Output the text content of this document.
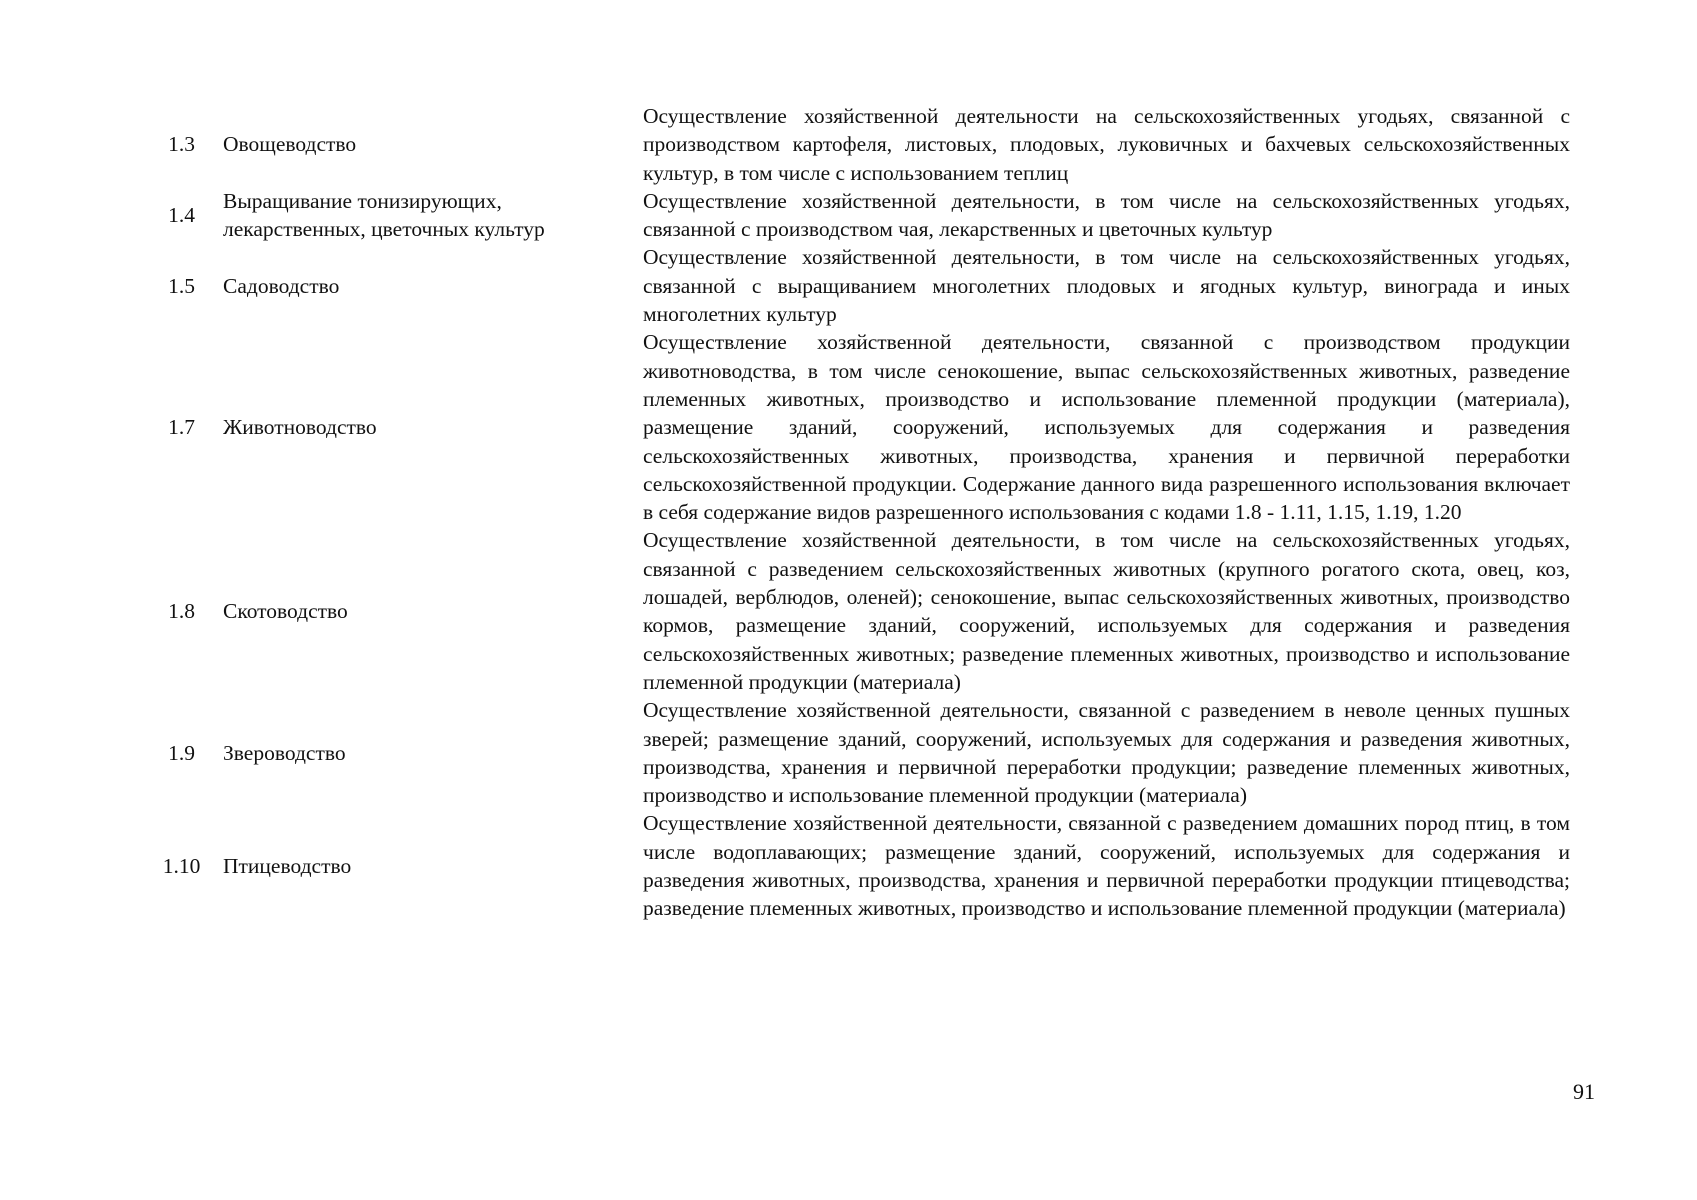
1.3	Овощеводство	Осуществление хозяйственной деятельности на сельскохозяйственных угодьях, связанной с производством картофеля, листовых, плодовых, луковичных и бахчевых сельскохозяйственных культур, в том числе с использованием теплиц
1.4	Выращивание тонизирующих, лекарственных, цветочных культур	Осуществление хозяйственной деятельности, в том числе на сельскохозяйственных угодьях, связанной с производством чая, лекарственных и цветочных культур
1.5	Садоводство	Осуществление хозяйственной деятельности, в том числе на сельскохозяйственных угодьях, связанной с выращиванием многолетних плодовых и ягодных культур, винограда и иных многолетних культур
1.7	Животноводство	Осуществление хозяйственной деятельности, связанной с производством продукции животноводства, в том числе сенокошение, выпас сельскохозяйственных животных, разведение племенных животных, производство и использование племенной продукции (материала), размещение зданий, сооружений, используемых для содержания и разведения сельскохозяйственных животных, производства, хранения и первичной переработки сельскохозяйственной продукции. Содержание данного вида разрешенного использования включает в себя содержание видов разрешенного использования с кодами 1.8 - 1.11, 1.15, 1.19, 1.20
1.8	Скотоводство	Осуществление хозяйственной деятельности, в том числе на сельскохозяйственных угодьях, связанной с разведением сельскохозяйственных животных (крупного рогатого скота, овец, коз, лошадей, верблюдов, оленей); сенокошение, выпас сельскохозяйственных животных, производство кормов, размещение зданий, сооружений, используемых для содержания и разведения сельскохозяйственных животных; разведение племенных животных, производство и использование племенной продукции (материала)
1.9	Звероводство	Осуществление хозяйственной деятельности, связанной с разведением в неволе ценных пушных зверей; размещение зданий, сооружений, используемых для содержания и разведения животных, производства, хранения и первичной переработки продукции; разведение племенных животных, производство и использование племенной продукции (материала)
1.10	Птицеводство	Осуществление хозяйственной деятельности, связанной с разведением домашних пород птиц, в том числе водоплавающих; размещение зданий, сооружений, используемых для содержания и разведения животных, производства, хранения и первичной переработки продукции птицеводства; разведение племенных животных, производство и использование племенной продукции (материала)
91
